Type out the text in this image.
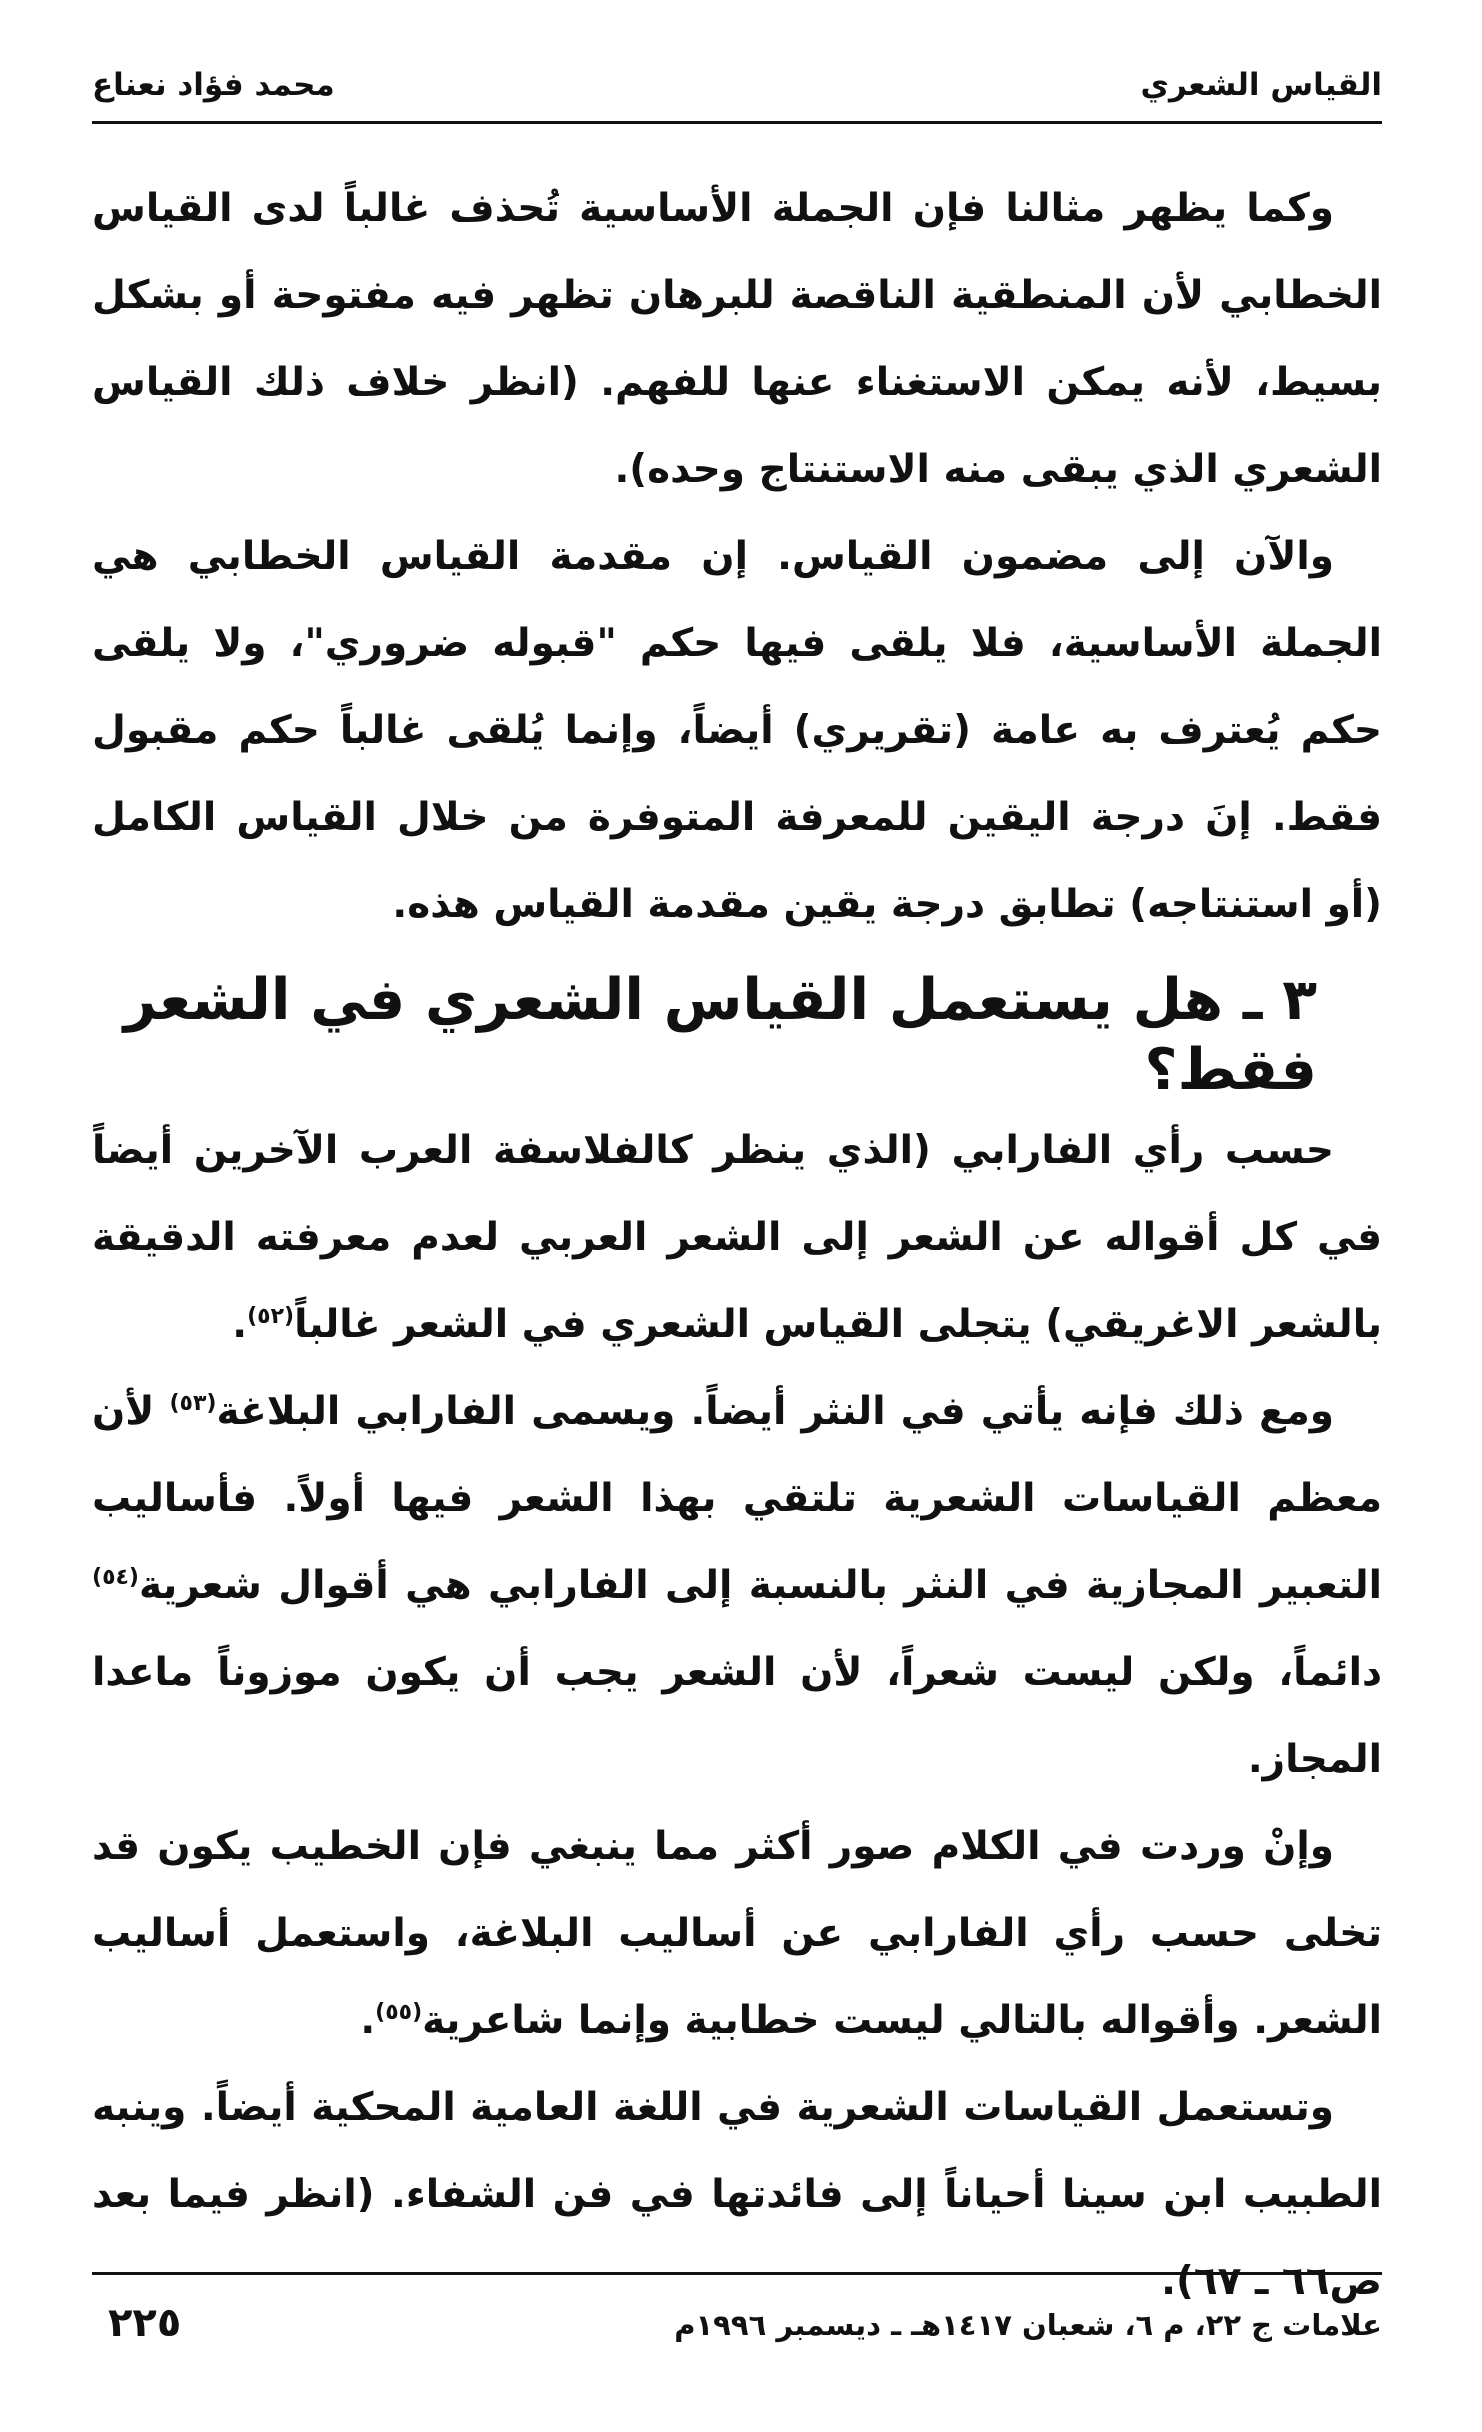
القياس الشعري
محمد فؤاد نعناع

وكما يظهر مثالنا فإن الجملة الأساسية تُحذف غالباً لدى القياس الخطابي لأن المنطقية الناقصة للبرهان تظهر فيه مفتوحة أو بشكل بسيط، لأنه يمكن الاستغناء عنها للفهم. (انظر خلاف ذلك القياس الشعري الذي يبقى منه الاستنتاج وحده).

والآن إلى مضمون القياس. إن مقدمة القياس الخطابي هي الجملة الأساسية، فلا يلقى فيها حكم "قبوله ضروري"، ولا يلقى حكم يُعترف به عامة (تقريري) أيضاً، وإنما يُلقى غالباً حكم مقبول فقط. إنَ درجة اليقين للمعرفة المتوفرة من خلال القياس الكامل (أو استنتاجه) تطابق درجة يقين مقدمة القياس هذه.

٣ ـ هل يستعمل القياس الشعري في الشعر فقط؟

حسب رأي الفارابي (الذي ينظر كالفلاسفة العرب الآخرين أيضاً في كل أقواله عن الشعر إلى الشعر العربي لعدم معرفته الدقيقة بالشعر الاغريقي) يتجلى القياس الشعري في الشعر غالباً$^{(٥٢)}$.

ومع ذلك فإنه يأتي في النثر أيضاً. ويسمى الفارابي البلاغة$^{(٥٣)}$ لأن معظم القياسات الشعرية تلتقي بهذا الشعر فيها أولاً. فأساليب التعبير المجازية في النثر بالنسبة إلى الفارابي هي أقوال شعرية$^{(٥٤)}$ دائماً، ولكن ليست شعراً، لأن الشعر يجب أن يكون موزوناً ماعدا المجاز.

وإنْ وردت في الكلام صور أكثر مما ينبغي فإن الخطيب يكون قد تخلى حسب رأي الفارابي عن أساليب البلاغة، واستعمل أساليب الشعر. وأقواله بالتالي ليست خطابية وإنما شاعرية$^{(٥٥)}$.

وتستعمل القياسات الشعرية في اللغة العامية المحكية أيضاً. وينبه الطبيب ابن سينا أحياناً إلى فائدتها في فن الشفاء. (انظر فيما بعد ص٦٦ ـ ٦٧).

٢٢٥	علامات ج ٢٢، م ٦، شعبان ١٤١٧هـ ـ ديسمبر ١٩٩٦م
